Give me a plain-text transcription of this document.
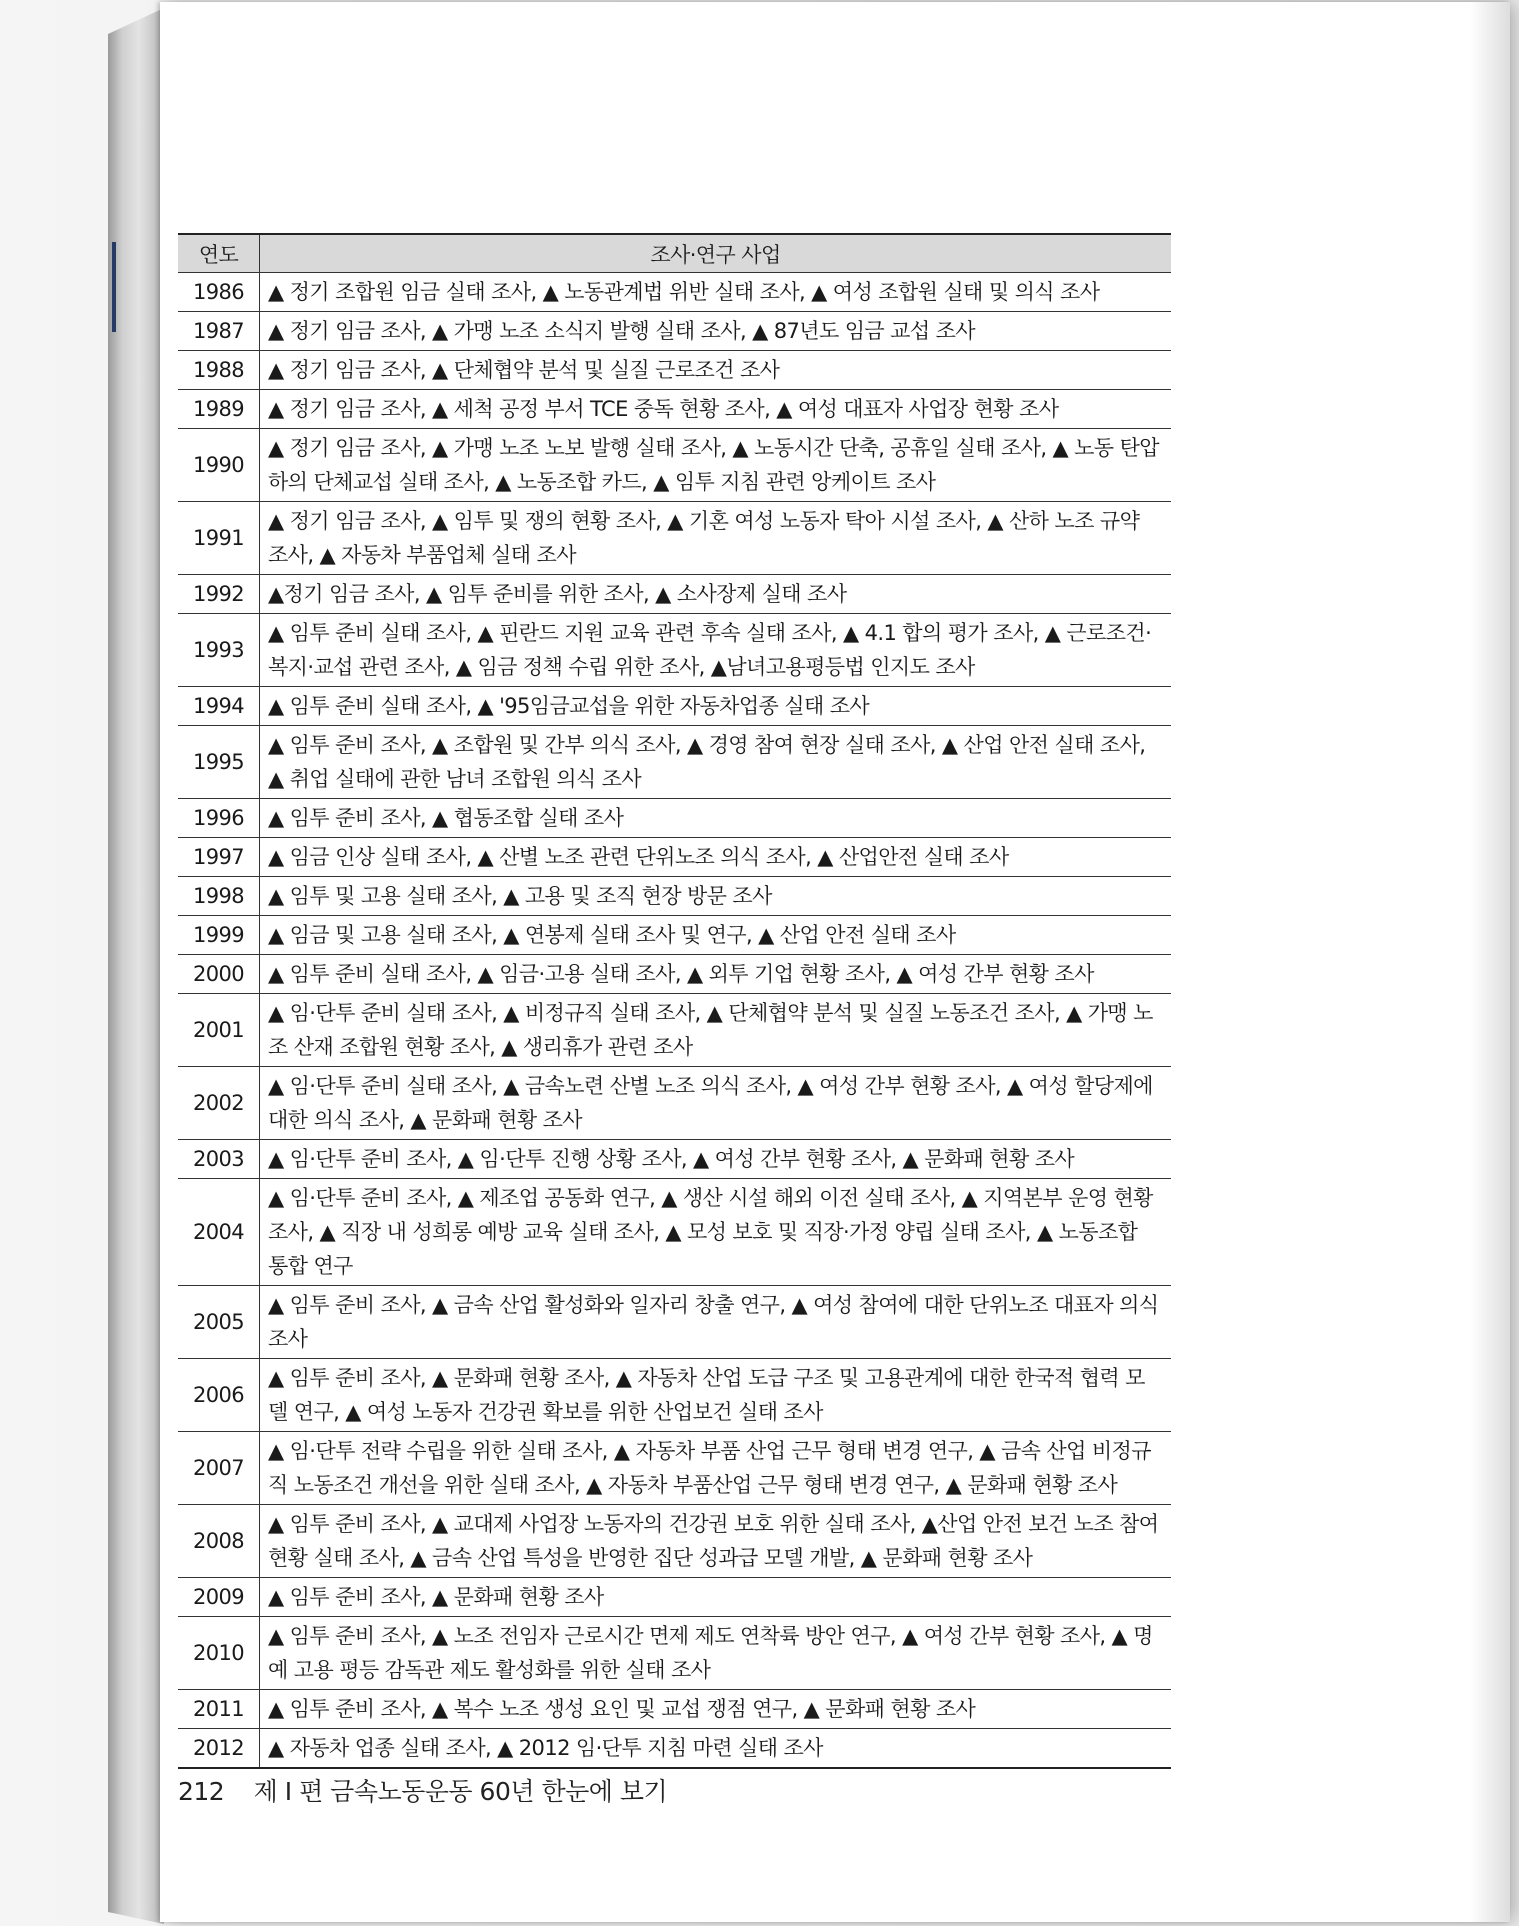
연도	조사·연구 사업
1986	▲ 정기 조합원 임금 실태 조사, ▲ 노동관계법 위반 실태 조사, ▲ 여성 조합원 실태 및 의식 조사
1987	▲ 정기 임금 조사, ▲ 가맹 노조 소식지 발행 실태 조사, ▲ 87년도 임금 교섭 조사
1988	▲ 정기 임금 조사, ▲ 단체협약 분석 및 실질 근로조건 조사
1989	▲ 정기 임금 조사, ▲ 세척 공정 부서 TCE 중독 현황 조사, ▲ 여성 대표자 사업장 현황 조사
1990	▲ 정기 임금 조사, ▲ 가맹 노조 노보 발행 실태 조사, ▲ 노동시간 단축, 공휴일 실태 조사, ▲ 노동 탄압 하의 단체교섭 실태 조사, ▲ 노동조합 카드, ▲ 임투 지침 관련 앙케이트 조사
1991	▲ 정기 임금 조사, ▲ 임투 및 쟁의 현황 조사, ▲ 기혼 여성 노동자 탁아 시설 조사, ▲ 산하 노조 규약 조사, ▲ 자동차 부품업체 실태 조사
1992	▲정기 임금 조사, ▲ 임투 준비를 위한 조사, ▲ 소사장제 실태 조사
1993	▲ 임투 준비 실태 조사, ▲ 핀란드 지원 교육 관련 후속 실태 조사, ▲ 4.1 합의 평가 조사, ▲ 근로조건·복지·교섭 관련 조사, ▲ 임금 정책 수립 위한 조사, ▲남녀고용평등법 인지도 조사
1994	▲ 임투 준비 실태 조사, ▲ '95임금교섭을 위한 자동차업종 실태 조사
1995	▲ 임투 준비 조사, ▲ 조합원 및 간부 의식 조사, ▲ 경영 참여 현장 실태 조사, ▲ 산업 안전 실태 조사, ▲ 취업 실태에 관한 남녀 조합원 의식 조사
1996	▲ 임투 준비 조사, ▲ 협동조합 실태 조사
1997	▲ 임금 인상 실태 조사, ▲ 산별 노조 관련 단위노조 의식 조사, ▲ 산업안전 실태 조사
1998	▲ 임투 및 고용 실태 조사, ▲ 고용 및 조직 현장 방문 조사
1999	▲ 임금 및 고용 실태 조사, ▲ 연봉제 실태 조사 및 연구, ▲ 산업 안전 실태 조사
2000	▲ 임투 준비 실태 조사, ▲ 임금·고용 실태 조사, ▲ 외투 기업 현황 조사, ▲ 여성 간부 현황 조사
2001	▲ 임·단투 준비 실태 조사, ▲ 비정규직 실태 조사, ▲ 단체협약 분석 및 실질 노동조건 조사, ▲ 가맹 노조 산재 조합원 현황 조사, ▲ 생리휴가 관련 조사
2002	▲ 임·단투 준비 실태 조사, ▲ 금속노련 산별 노조 의식 조사, ▲ 여성 간부 현황 조사, ▲ 여성 할당제에 대한 의식 조사, ▲ 문화패 현황 조사
2003	▲ 임·단투 준비 조사, ▲ 임·단투 진행 상황 조사, ▲ 여성 간부 현황 조사, ▲ 문화패 현황 조사
2004	▲ 임·단투 준비 조사, ▲ 제조업 공동화 연구, ▲ 생산 시설 해외 이전 실태 조사, ▲ 지역본부 운영 현황 조사, ▲ 직장 내 성희롱 예방 교육 실태 조사, ▲ 모성 보호 및 직장·가정 양립 실태 조사, ▲ 노동조합 통합 연구
2005	▲ 임투 준비 조사, ▲ 금속 산업 활성화와 일자리 창출 연구, ▲ 여성 참여에 대한 단위노조 대표자 의식 조사
2006	▲ 임투 준비 조사, ▲ 문화패 현황 조사, ▲ 자동차 산업 도급 구조 및 고용관계에 대한 한국적 협력 모델 연구, ▲ 여성 노동자 건강권 확보를 위한 산업보건 실태 조사
2007	▲ 임·단투 전략 수립을 위한 실태 조사, ▲ 자동차 부품 산업 근무 형태 변경 연구, ▲ 금속 산업 비정규직 노동조건 개선을 위한 실태 조사, ▲ 자동차 부품산업 근무 형태 변경 연구, ▲ 문화패 현황 조사
2008	▲ 임투 준비 조사, ▲ 교대제 사업장 노동자의 건강권 보호 위한 실태 조사, ▲산업 안전 보건 노조 참여 현황 실태 조사, ▲ 금속 산업 특성을 반영한 집단 성과급 모델 개발, ▲ 문화패 현황 조사
2009	▲ 임투 준비 조사, ▲ 문화패 현황 조사
2010	▲ 임투 준비 조사, ▲ 노조 전임자 근로시간 면제 제도 연착륙 방안 연구, ▲ 여성 간부 현황 조사, ▲ 명예 고용 평등 감독관 제도 활성화를 위한 실태 조사
2011	▲ 임투 준비 조사, ▲ 복수 노조 생성 요인 및 교섭 쟁점 연구, ▲ 문화패 현황 조사
2012	▲ 자동차 업종 실태 조사, ▲ 2012 임·단투 지침 마련 실태 조사
212 제 I 편 금속노동운동 60년 한눈에 보기
